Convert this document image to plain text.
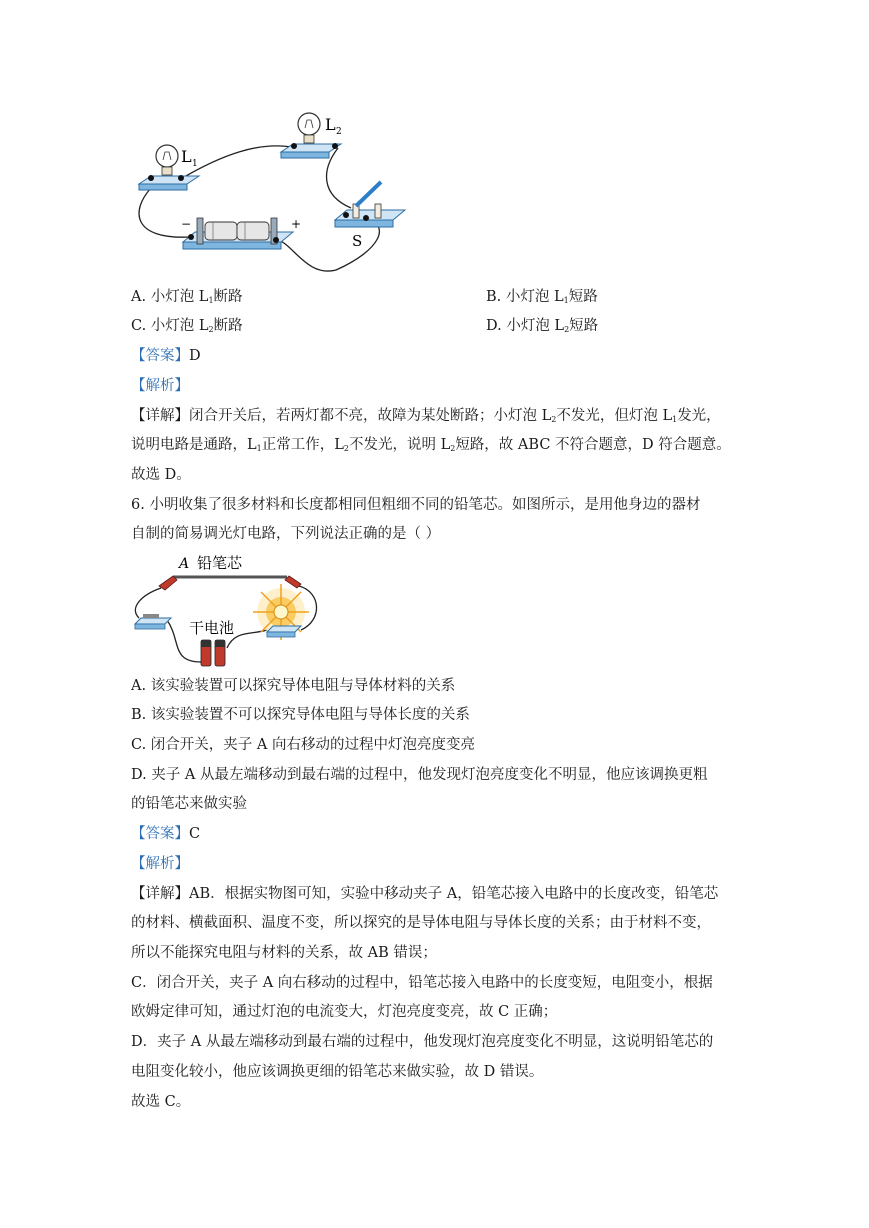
L 1
L 2
−	+
S
A. 小灯泡 $L_1$断路	B. 小灯泡 $L_1$短路
C. 小灯泡 $L_2$断路	D. 小灯泡 $L_2$短路
【答案】D
【解析】
【详解】闭合开关后，若两灯都不亮，故障为某处断路；小灯泡 $L_2$不发光，但灯泡 $L_1$发光，
说明电路是通路，$L_1$正常工作，$L_2$不发光，说明 $L_2$短路，故 ABC 不符合题意，D 符合题意。
故选 D。
6. 小明收集了很多材料和长度都相同但粗细不同的铅笔芯。如图所示，是用他身边的器材
自制的简易调光灯电路，下列说法正确的是（ ）
A 铅笔芯
干电池
A. 该实验装置可以探究导体电阻与导体材料的关系
B. 该实验装置不可以探究导体电阻与导体长度的关系
C. 闭合开关，夹子 A 向右移动的过程中灯泡亮度变亮
D. 夹子 A 从最左端移动到最右端的过程中，他发现灯泡亮度变化不明显，他应该调换更粗
的铅笔芯来做实验
【答案】C
【解析】
【详解】AB．根据实物图可知，实验中移动夹子 A，铅笔芯接入电路中的长度改变，铅笔芯
的材料、横截面积、温度不变，所以探究的是导体电阻与导体长度的关系；由于材料不变，
所以不能探究电阻与材料的关系，故 AB 错误；
C．闭合开关，夹子 A 向右移动的过程中，铅笔芯接入电路中的长度变短，电阻变小，根据
欧姆定律可知，通过灯泡的电流变大，灯泡亮度变亮，故 C 正确；
D．夹子 A 从最左端移动到最右端的过程中，他发现灯泡亮度变化不明显，这说明铅笔芯的
电阻变化较小，他应该调换更细的铅笔芯来做实验，故 D 错误。
故选 C。
